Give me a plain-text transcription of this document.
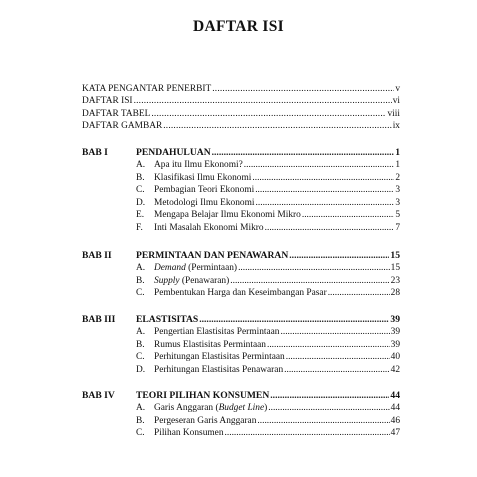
DAFTAR ISI
KATA PENGANTAR PENERBIT .....	v
DAFTAR ISI .....	vi
DAFTAR TABEL .....	viii
DAFTAR GAMBAR .....	ix
BAB I	PENDAHULUAN .....	1
A. Apa itu Ilmu Ekonomi? .....	1
B. Klasifikasi Ilmu Ekonomi .....	2
C. Pembagian Teori Ekonomi .....	3
D. Metodologi Ilmu Ekonomi .....	3
E.	Mengapa Belajar Ilmu Ekonomi Mikro .....	5
F.	Inti Masalah Ekonomi Mikro .....	7
BAB II	PERMINTAAN DAN PENAWARAN .....	15
A. Demand (Permintaan) .....	15
B. Supply (Penawaran) .....	23
C. Pembentukan Harga dan Keseimbangan Pasar .....	28
BAB III	ELASTISITAS .....	39
A. Pengertian Elastisitas Permintaan .....	39
B. Rumus Elastisitas Permintaan .....	39
C. Perhitungan Elastisitas Permintaan .....	40
D. Perhitungan Elastisitas Penawaran .....	42
BAB IV	TEORI PILIHAN KONSUMEN .....	44
A. Garis Anggaran (Budget Line) .....	44
B. Pergeseran Garis Anggaran .....	46
C. Pilihan Konsumen .....	47
